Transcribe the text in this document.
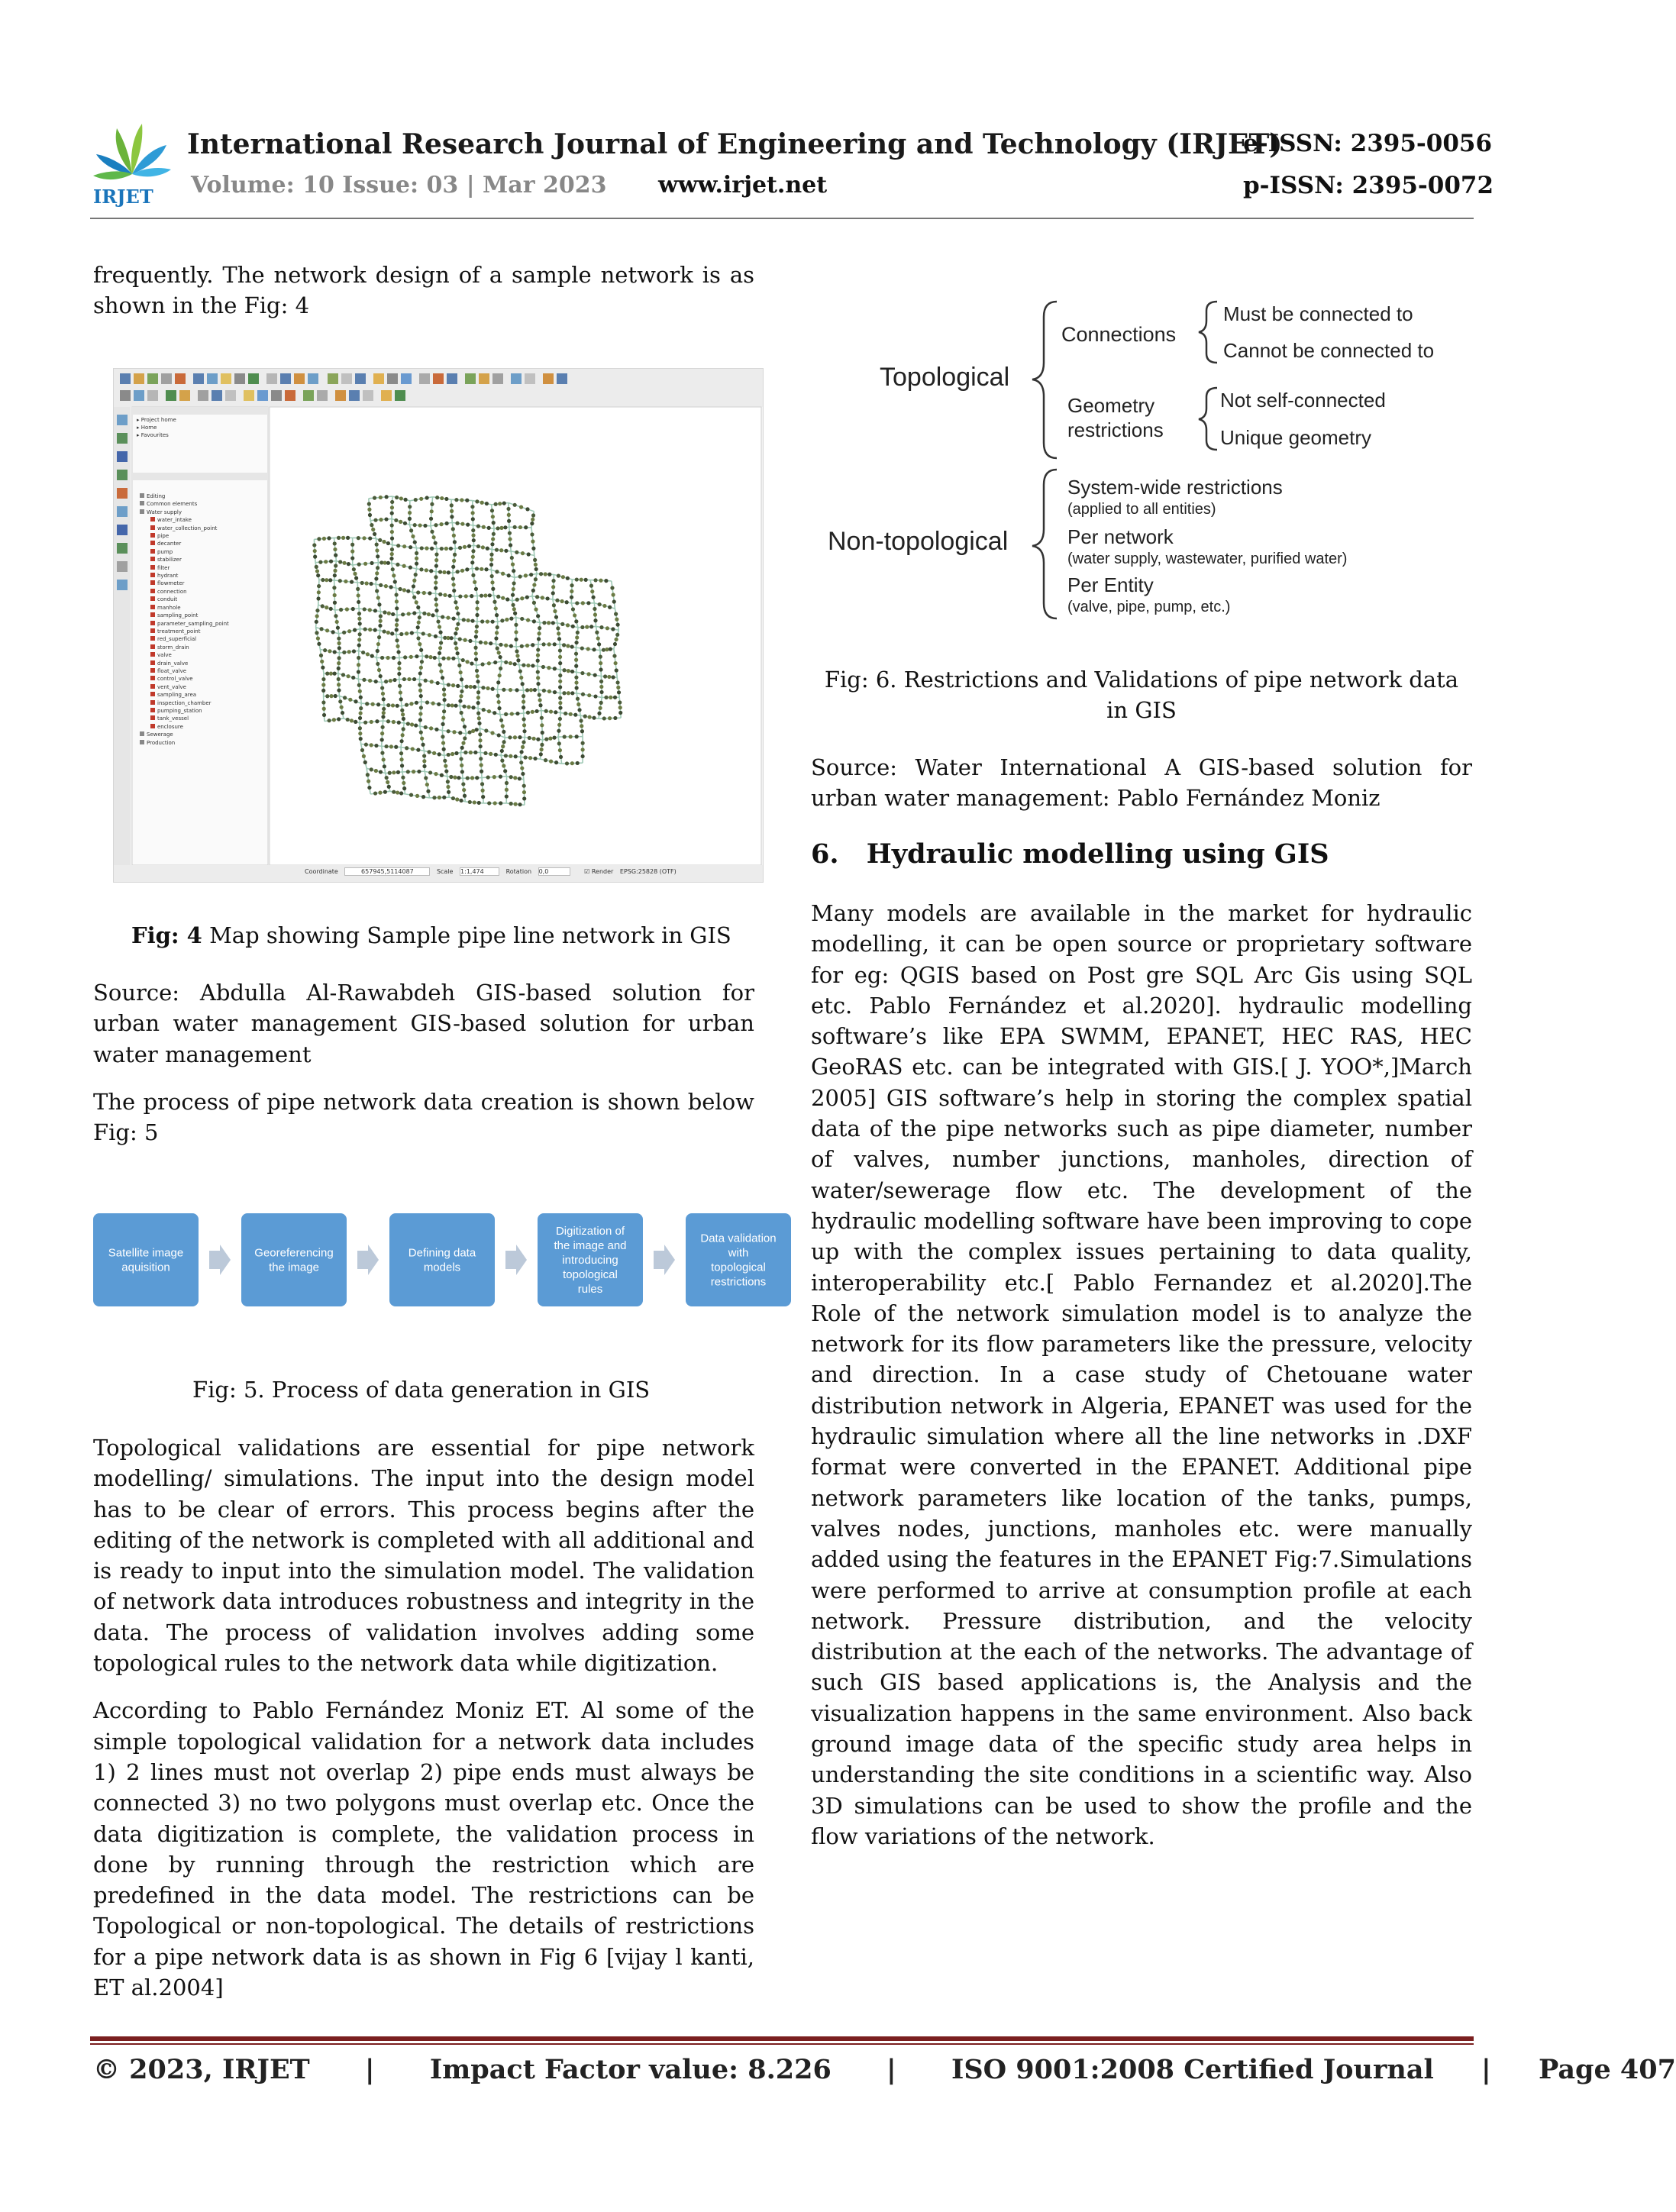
IRJET
International Research Journal of Engineering and Technology (IRJET)
e-ISSN: 2395-0056
Volume: 10 Issue: 03 | Mar 2023 www.irjet.net	p-ISSN: 2395-0072

frequently. The network design of a sample network is as shown in the Fig: 4

▸ Project home
▸ Home
▸ Favourites
Editing
Common elements
Water supply
water_intake
water_collection_point
pipe
decanter
pump
stabilizer
filter
hydrant
flowmeter
connection
conduit
manhole
sampling_point
parameter_sampling_point
treatment_point
red_superficial
storm_drain
valve
drain_valve
float_valve
control_valve
vent_valve
sampling_area
inspection_chamber
pumping_station
tank_vessel
enclosure
Sewerage
Production
Coordinate	657945,5114087	Scale 1:1,474	Rotation 0,0	☑ Render EPSG:25828 (OTF)
Fig: 4 Map showing Sample pipe line network in GIS

Source: Abdulla Al-Rawabdeh GIS-based solution for urban water management GIS-based solution for urban water management

The process of pipe network data creation is shown below Fig: 5

Satellite image aquisition
Georeferencing the image
Defining data models
Digitization of the image and introducing topological rules
Data validation with topological restrictions
Fig: 5. Process of data generation in GIS

Topological validations are essential for pipe network modelling/ simulations. The input into the design model has to be clear of errors. This process begins after the editing of the network is completed with all additional and is ready to input into the simulation model. The validation of network data introduces robustness and integrity in the data. The process of validation involves adding some topological rules to the network data while digitization.

According to Pablo Fernández Moniz ET. Al some of the simple topological validation for a network data includes 1) 2 lines must not overlap 2) pipe ends must always be connected 3) no two polygons must overlap etc. Once the data digitization is complete, the validation process in done by running through the restriction which are predefined in the data model. The restrictions can be Topological or non-topological. The details of restrictions for a pipe network data is as shown in Fig 6 [vijay l kanti, ET al.2004]

Topological
Connections
Must be connected to
Cannot be connected to
Geometry
restrictions
Not self-connected
Unique geometry
Non-topological
System-wide restrictions
(applied to all entities)
Per network
(water supply, wastewater, purified water)
Per Entity
(valve, pipe, pump, etc.)
Fig: 6. Restrictions and Validations of pipe network data in GIS

Source: Water International A GIS-based solution for urban water management: Pablo Fernández Moniz

6. Hydraulic modelling using GIS

Many models are available in the market for hydraulic modelling, it can be open source or proprietary software for eg: QGIS based on Post gre SQL Arc Gis using SQL etc. Pablo Fernández et al.2020]. hydraulic modelling software’s like EPA SWMM, EPANET, HEC RAS, HEC GeoRAS etc. can be integrated with GIS.[ J. YOO*,]March 2005] GIS software’s help in storing the complex spatial data of the pipe networks such as pipe diameter, number of valves, number junctions, manholes, direction of water/sewerage flow etc. The development of the hydraulic modelling software have been improving to cope up with the complex issues pertaining to data quality, interoperability etc.[ Pablo Fernandez et al.2020].The Role of the network simulation model is to analyze the network for its flow parameters like the pressure, velocity and direction. In a case study of Chetouane water distribution network in Algeria, EPANET was used for the hydraulic simulation where all the line networks in .DXF format were converted in the EPANET. Additional pipe network parameters like location of the tanks, pumps, valves nodes, junctions, manholes etc. were manually added using the features in the EPANET Fig:7.Simulations were performed to arrive at consumption profile at each network. Pressure distribution, and the velocity distribution at the each of the networks. The advantage of such GIS based applications is, the Analysis and the visualization happens in the same environment. Also back ground image data of the specific study area helps in understanding the site conditions in a scientific way. Also 3D simulations can be used to show the profile and the flow variations of the network.

© 2023, IRJET | Impact Factor value: 8.226 | ISO 9001:2008 Certified Journal | Page 407
